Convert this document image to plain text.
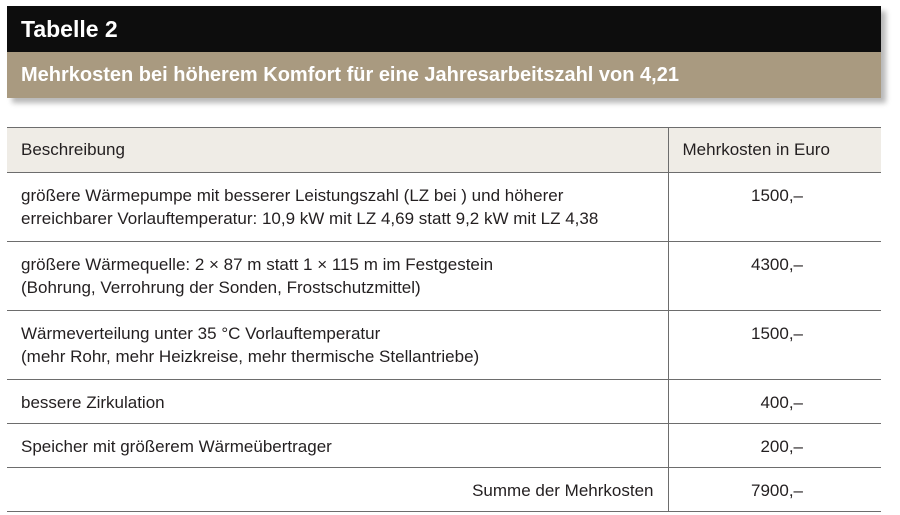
Tabelle 2
Mehrkosten bei höherem Komfort für eine Jahresarbeitszahl von 4,21
Beschreibung	Mehrkosten in Euro

größere Wärmepumpe mit besserer Leistungszahl (LZ bei ) und höherer
erreichbarer Vorlauftemperatur: 10,9 kW mit LZ 4,69 statt 9,2 kW mit LZ 4,38	1500,–

größere Wärmequelle: 2 × 87 m statt 1 × 115 m im Festgestein
(Bohrung, Verrohrung der Sonden, Frostschutzmittel)	4300,–

Wärmeverteilung unter 35 °C Vorlauftemperatur
(mehr Rohr, mehr Heizkreise, mehr thermische Stellantriebe)	1500,–

bessere Zirkulation	400,–

Speicher mit größerem Wärmeübertrager	200,–
Summe der Mehrkosten	7900,–
